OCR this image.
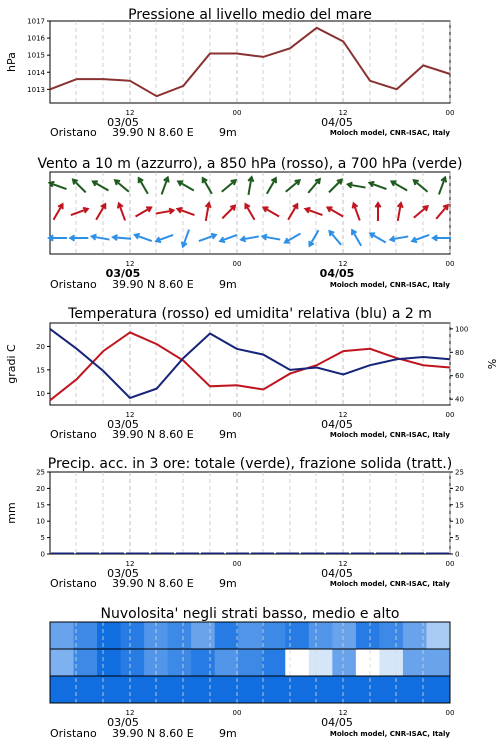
Pressione al livello medio del mare
1013
1014
1015
1016
1017
hPa
12	00	12	00
03/05	04/05
Oristano 39.90 N 8.60 E 9m	Moloch model, CNR-ISAC, Italy
Vento a 10 m (azzurro), a 850 hPa (rosso), a 700 hPa (verde)
12	00	12	00
03/05	04/05
Oristano 39.90 N 8.60 E 9m	Moloch model, CNR-ISAC, Italy
Temperatura (rosso) ed umidita' relativa (blu) a 2 m
10
15
20
40
60
80
100
gradi C	%
12	00	12	00
03/05	04/05
Oristano 39.90 N 8.60 E 9m	Moloch model, CNR-ISAC, Italy
Precip. acc. in 3 ore: totale (verde), frazione solida (tratt.)
0	0
5	5
10	10
15	15
20	20
25	25
mm
12	00	12	00
03/05	04/05
Oristano 39.90 N 8.60 E 9m	Moloch model, CNR-ISAC, Italy
Nuvolosita' negli strati basso, medio e alto
12	00	12	00
03/05	04/05
Oristano 39.90 N 8.60 E 9m	Moloch model, CNR-ISAC, Italy
